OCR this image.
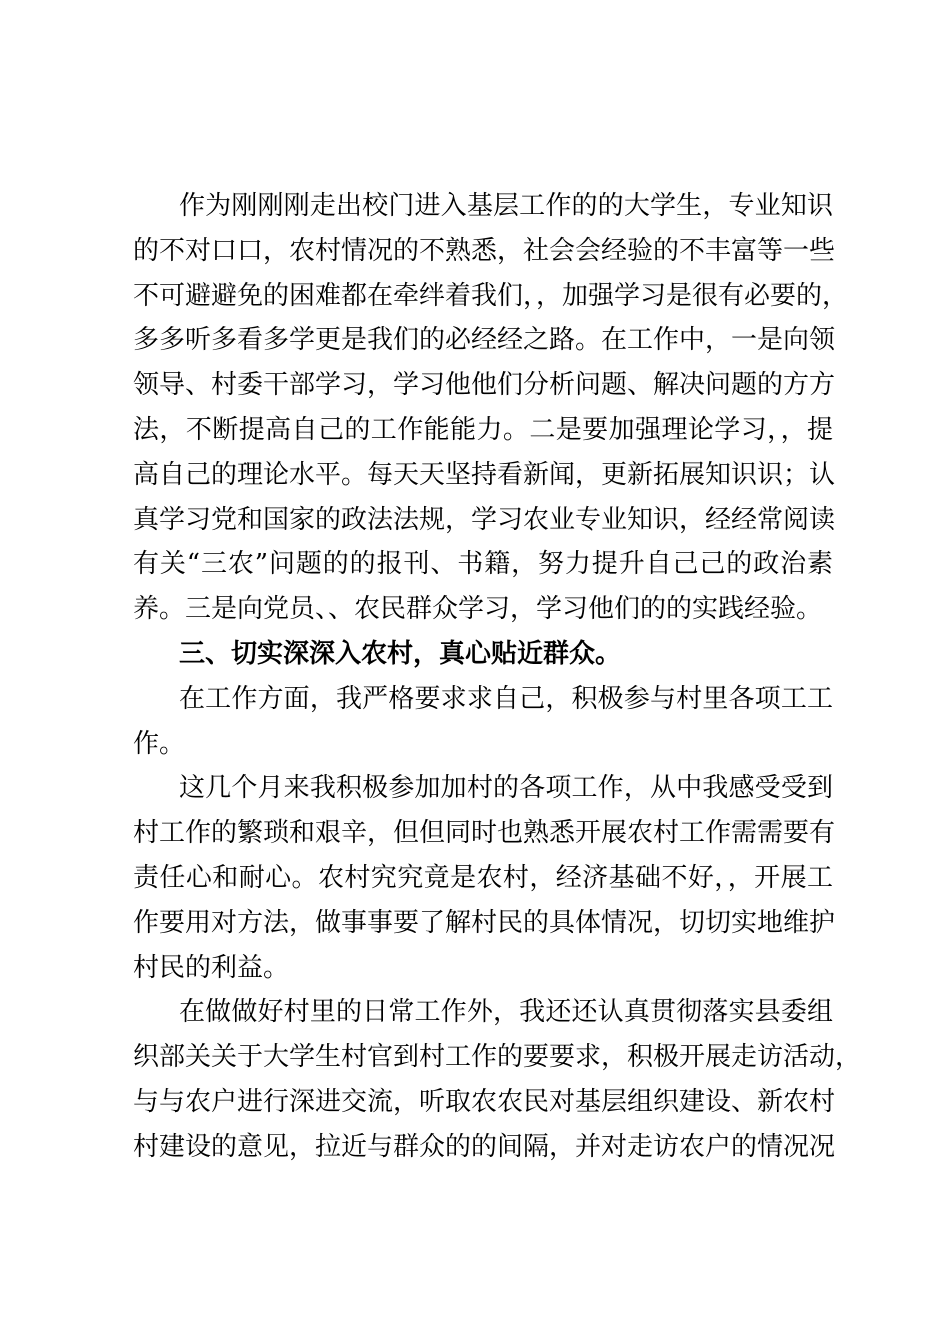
作为刚刚刚走出校门进入基层工作的的大学生，专业知识
的不对口口，农村情况的不熟悉，社会会经验的不丰富等一些
不可避避免的困难都在牵绊着我们，，加强学习是很有必要的，
多多听多看多学更是我们的必经经之路。在工作中，一是向领
领导、村委干部学习，学习他他们分析问题、解决问题的方方
法，不断提高自己的工作能能力。二是要加强理论学习，，提
高自己的理论水平。每天天坚持看新闻，更新拓展知识识；认
真学习党和国家的政法法规，学习农业专业知识，经经常阅读
有关“三农”问题的的报刊、书籍，努力提升自己己的政治素
养。三是向党员、、农民群众学习，学习他们的的实践经验。
三、切实深深入农村，真心贴近群众。
在工作方面，我严格要求求自己，积极参与村里各项工工
作。
这几个月来我积极参加加村的各项工作，从中我感受受到
村工作的繁琐和艰辛，但但同时也熟悉开展农村工作需需要有
责任心和耐心。农村究究竟是农村，经济基础不好，，开展工
作要用对方法，做事事要了解村民的具体情况，切切实地维护
村民的利益。
在做做好村里的日常工作外，我还还认真贯彻落实县委组
织部关关于大学生村官到村工作的要要求，积极开展走访活动，
与与农户进行深进交流，听取农农民对基层组织建设、新农村
村建设的意见，拉近与群众的的间隔，并对走访农户的情况况
